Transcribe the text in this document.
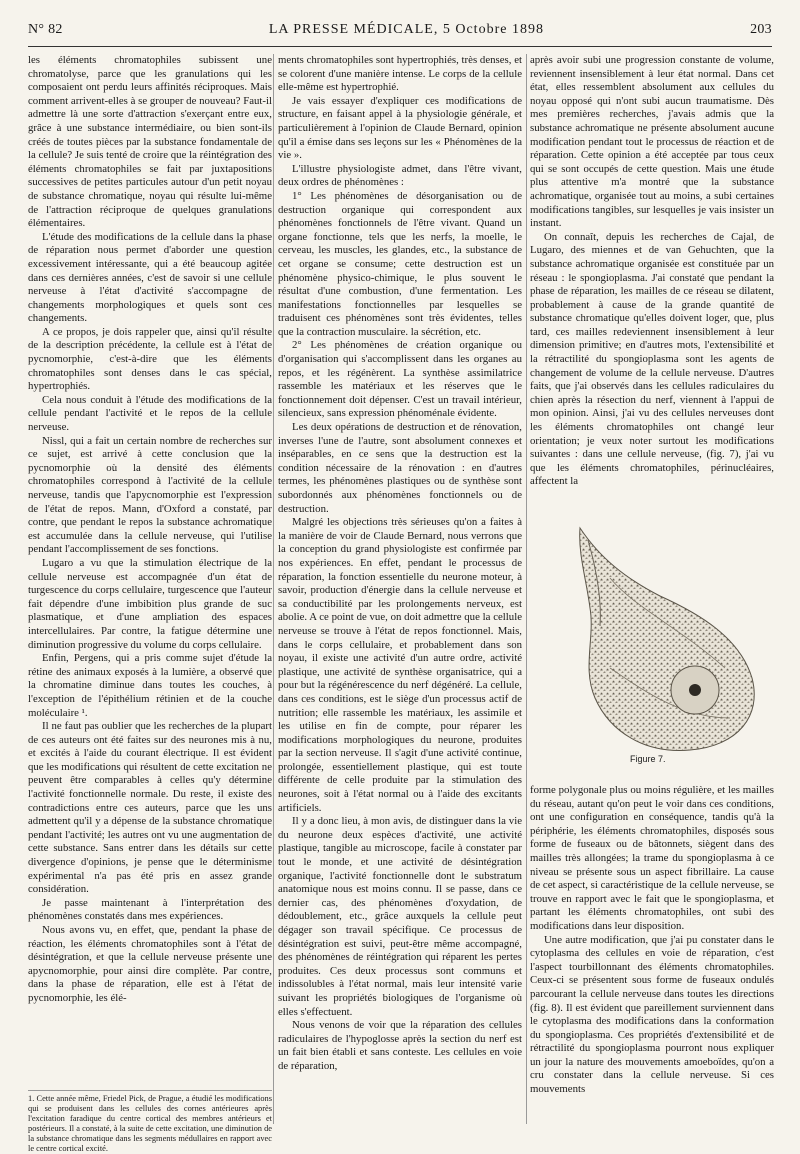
N° 82	LA PRESSE MÉDICALE, 5 Octobre 1898	203

les éléments chromatophiles subissent une chromatolyse, parce que les granulations qui les composaient ont perdu leurs affinités réciproques. Mais comment arrivent-elles à se grouper de nouveau? Faut-il admettre là une sorte d'attraction s'exerçant entre eux, grâce à une substance intermédiaire, ou bien sont-ils créés de toutes pièces par la substance fondamentale de la cellule? Je suis tenté de croire que la réintégration des éléments chromatophiles se fait par juxtapositions successives de petites particules autour d'un petit noyau de substance chromatique, noyau qui résulte lui-même de l'attraction réciproque de quelques granulations élémentaires.

L'étude des modifications de la cellule dans la phase de réparation nous permet d'aborder une question excessivement intéressante, qui a été beaucoup agitée dans ces dernières années, c'est de savoir si une cellule nerveuse à l'état d'activité s'accompagne de changements morphologiques et quels sont ces changements.

A ce propos, je dois rappeler que, ainsi qu'il résulte de la description précédente, la cellule est à l'état de pycnomorphie, c'est-à-dire que les éléments chromatophiles sont denses dans le cas spécial, hypertrophiés.

Cela nous conduit à l'étude des modifications de la cellule pendant l'activité et le repos de la cellule nerveuse.

Nissl, qui a fait un certain nombre de recherches sur ce sujet, est arrivé à cette conclusion que la pycnomorphie où la densité des éléments chromatophiles correspond à l'activité de la cellule nerveuse, tandis que l'apycnomorphie est l'expression de l'état de repos. Mann, d'Oxford a constaté, par contre, que pendant le repos la substance achromatique est accumulée dans la cellule nerveuse, qui l'utilise pendant l'accomplissement de ses fonctions.

Lugaro a vu que la stimulation électrique de la cellule nerveuse est accompagnée d'un état de turgescence du corps cellulaire, turgescence que l'auteur fait dépendre d'une imbibition plus grande de suc plasmatique, et d'une ampliation des espaces intercellulaires. Par contre, la fatigue détermine une diminution progressive du volume du corps cellulaire.

Enfin, Pergens, qui a pris comme sujet d'étude la rétine des animaux exposés à la lumière, a observé que la chromatine diminue dans toutes les couches, à l'exception de l'épithélium rétinien et de la couche moléculaire ¹.

Il ne faut pas oublier que les recherches de la plupart de ces auteurs ont été faites sur des neurones mis à nu, et excités à l'aide du courant électrique. Il est évident que les modifications qui résultent de cette excitation ne peuvent être comparables à celles qu'y détermine l'activité fonctionnelle normale. Du reste, il existe des contradictions entre ces auteurs, parce que les uns admettent qu'il y a dépense de la substance chromatique pendant l'activité; les autres ont vu une augmentation de cette substance. Sans entrer dans les détails sur cette divergence d'opinions, je pense que le déterminisme expérimental n'a pas été pris en assez grande considération.

Je passe maintenant à l'interprétation des phénomènes constatés dans mes expériences.

Nous avons vu, en effet, que, pendant la phase de réaction, les éléments chromatophiles sont à l'état de désintégration, et que la cellule nerveuse présente une apycnomorphie, pour ainsi dire complète. Par contre, dans la phase de réparation, elle est à l'état de pycnomorphie, les élé-

1. Cette année même, Friedel Pick, de Prague, a étudié les modifications qui se produisent dans les cellules des cornes antérieures après l'excitation faradique du centre cortical des membres antérieurs et postérieurs. Il a constaté, à la suite de cette excitation, une diminution de la substance chromatique dans les segments médullaires en rapport avec le centre cortical excité.

ments chromatophiles sont hypertrophiés, très denses, et se colorent d'une manière intense. Le corps de la cellule elle-même est hypertrophié.

Je vais essayer d'expliquer ces modifications de structure, en faisant appel à la physiologie générale, et particulièrement à l'opinion de Claude Bernard, opinion qu'il a émise dans ses leçons sur les « Phénomènes de la vie ».

L'illustre physiologiste admet, dans l'être vivant, deux ordres de phénomènes :

1° Les phénomènes de désorganisation ou de destruction organique qui correspondent aux phénomènes fonctionnels de l'être vivant. Quand un organe fonctionne, tels que les nerfs, la moelle, le cerveau, les muscles, les glandes, etc., la substance de cet organe se consume; cette destruction est un phénomène physico-chimique, le plus souvent le résultat d'une combustion, d'une fermentation. Les manifestations fonctionnelles par lesquelles se traduisent ces phénomènes sont très évidentes, telles que la contraction musculaire. la sécrétion, etc.

2° Les phénomènes de création organique ou d'organisation qui s'accomplissent dans les organes au repos, et les régénèrent. La synthèse assimilatrice rassemble les matériaux et les réserves que le fonctionnement doit dépenser. C'est un travail intérieur, silencieux, sans expression phénoménale évidente.

Les deux opérations de destruction et de rénovation, inverses l'une de l'autre, sont absolument connexes et inséparables, en ce sens que la destruction est la condition nécessaire de la rénovation : en d'autres termes, les phénomènes plastiques ou de synthèse sont subordonnés aux phénomènes fonctionnels ou de destruction.

Malgré les objections très sérieuses qu'on a faites à la manière de voir de Claude Bernard, nous verrons que la conception du grand physiologiste est confirmée par nos expériences. En effet, pendant le processus de réparation, la fonction essentielle du neurone moteur, à savoir, production d'énergie dans la cellule nerveuse et sa conductibilité par les prolongements nerveux, est abolie. A ce point de vue, on doit admettre que la cellule nerveuse se trouve à l'état de repos fonctionnel. Mais, dans le corps cellulaire, et probablement dans son noyau, il existe une activité d'un autre ordre, activité plastique, une activité de synthèse organisatrice, qui a pour but la régénérescence du nerf dégénéré. La cellule, dans ces conditions, est le siège d'un processus actif de nutrition; elle rassemble les matériaux, les assimile et les utilise en fin de compte, pour réparer les modifications morphologiques du neurone, produites par la section nerveuse. Il s'agit d'une activité continue, prolongée, essentiellement plastique, qui est toute différente de celle produite par la stimulation des neurones, soit à l'état normal ou à l'aide des excitants artificiels.

Il y a donc lieu, à mon avis, de distinguer dans la vie du neurone deux espèces d'activité, une activité plastique, tangible au microscope, facile à constater par tout le monde, et une activité de désintégration organique, l'activité fonctionnelle dont le substratum anatomique nous est moins connu. Il se passe, dans ce dernier cas, des phénomènes d'oxydation, de dédoublement, etc., grâce auxquels la cellule peut dégager son travail spécifique. Ce processus de désintégration est suivi, peut-être même accompagné, des phénomènes de réintégration qui réparent les pertes produites. Ces deux processus sont communs et indissolubles à l'état normal, mais leur intensité varie suivant les propriétés biologiques de l'organisme où elles s'effectuent.

Nous venons de voir que la réparation des cellules radiculaires de l'hypoglosse après la section du nerf est un fait bien établi et sans conteste. Les cellules en voie de réparation,

après avoir subi une progression constante de volume, reviennent insensiblement à leur état normal. Dans cet état, elles ressemblent absolument aux cellules du noyau opposé qui n'ont subi aucun traumatisme. Dès mes premières recherches, j'avais admis que la substance achromatique ne présente absolument aucune modification pendant tout le processus de réaction et de réparation. Cette opinion a été acceptée par tous ceux qui se sont occupés de cette question. Mais une étude plus attentive m'a montré que la substance achromatique, organisée tout au moins, a subi certaines modifications tangibles, sur lesquelles je vais insister un instant.

On connaît, depuis les recherches de Cajal, de Lugaro, des miennes et de van Gehuchten, que la substance achromatique organisée est constituée par un réseau : le spongioplasma. J'ai constaté que pendant la phase de réparation, les mailles de ce réseau se dilatent, probablement à cause de la grande quantité de substance chromatique qu'elles doivent loger, que, plus tard, ces mailles redeviennent insensiblement à leur dimension primitive; en d'autres mots, l'extensibilité et la rétractilité du spongioplasma sont les agents de changement de volume de la cellule nerveuse. D'autres faits, que j'ai observés dans les cellules radiculaires du chien après la résection du nerf, viennent à l'appui de mon opinion. Ainsi, j'ai vu des cellules nerveuses dont les éléments chromatophiles ont changé leur orientation; je veux noter surtout les modifications suivantes : dans une cellule nerveuse, (fig. 7), j'ai vu que les éléments chromatophiles, périnucléaires, affectent la

forme polygonale plus ou moins régulière, et les mailles du réseau, autant qu'on peut le voir dans ces conditions, ont une configuration en conséquence, tandis qu'à la périphérie, les éléments chromatophiles, disposés sous forme de fuseaux ou de bâtonnets, siègent dans des mailles très allongées; la trame du spongioplasma à ce niveau se présente sous un aspect fibrillaire. La cause de cet aspect, si caractéristique de la cellule nerveuse, se trouve en rapport avec le fait que le spongioplasma, et partant les éléments chromatophiles, ont subi des modifications dans leur disposition.

Une autre modification, que j'ai pu constater dans le cytoplasma des cellules en voie de réparation, c'est l'aspect tourbillonnant des éléments chromatophiles. Ceux-ci se présentent sous forme de fuseaux ondulés parcourant la cellule nerveuse dans toutes les directions (fig. 8). Il est évident que pareillement surviennent dans le cytoplasma des modifications dans la conformation du spongioplasma. Ces propriétés d'extensibilité et de rétractilité du spongioplasma pourront nous expliquer un jour la nature des mouvements amoeboïdes, qu'on a cru constater dans la cellule nerveuse. Si ces mouvements

Figure 7.
